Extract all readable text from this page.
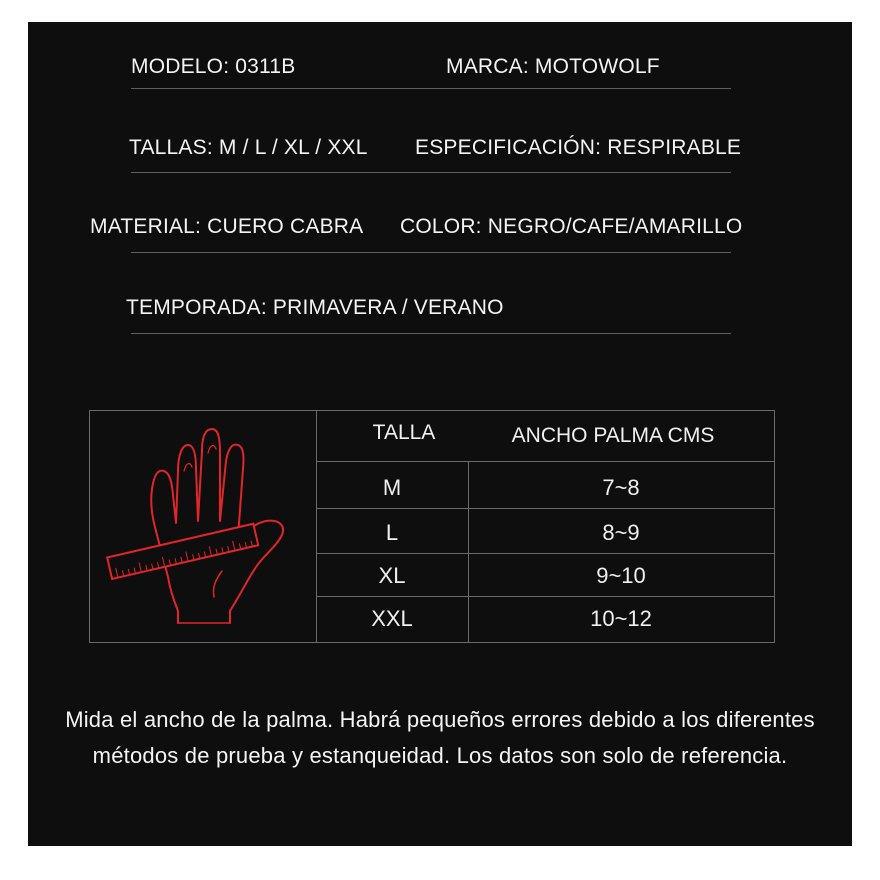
MODELO: 0311B	MARCA: MOTOWOLF
TALLAS: M / L / XL / XXL ESPECIFICACIÓN: RESPIRABLE
MATERIAL: CUERO CABRA COLOR: NEGRO/CAFE/AMARILLO
TEMPORADA: PRIMAVERA / VERANO
TALLA	ANCHO PALMA CMS
M	7~8
L	8~9
XL	9~10
XXL	10~12
Mida el ancho de la palma. Habrá pequeños errores debido a los diferentes métodos de prueba y estanqueidad. Los datos son solo de referencia.
